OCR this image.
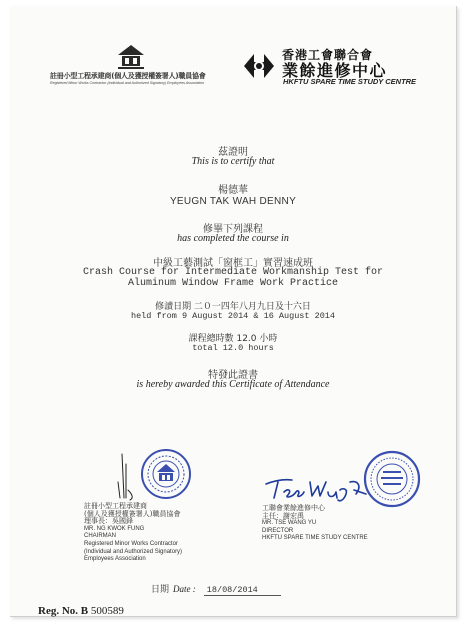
註冊小型工程承建商(個人及獲授權簽署人)職員協會
Registered Minor Works Contractor (Individual and Authorized Signatory) Employees Association
香港工會聯合會
業餘進修中心
HKFTU SPARE TIME STUDY CENTRE
茲證明
This is to certify that
楊德華
YEUGN TAK WAH DENNY
修畢下列課程
has completed the course in
中級工藝測試「窗框工」實習速成班
Crash Course for Intermediate Workmanship Test for
Aluminum Window Frame Work Practice
修讀日期 二０一四年八月九日及十六日
held from 9 August 2014 & 16 August 2014
課程總時數 12.0 小時
total 12.0 hours
特發此證書
is hereby awarded this Certificate of Attendance
註冊小型工程承建商
(個人及獲授權簽署人)職員協會
理事長：吳國鋒
MR. NG KWOK FUNG
CHAIRMAN
Registered Minor Works Contractor
(Individual and Authorized Signatory)
Employees Association
工聯會業餘進修中心
主任：謝宏禹
MR. TSE WANG YU
DIRECTOR
HKFTU SPARE TIME STUDY CENTRE
日期 Date : 18/08/2014
Reg. No. B 500589
